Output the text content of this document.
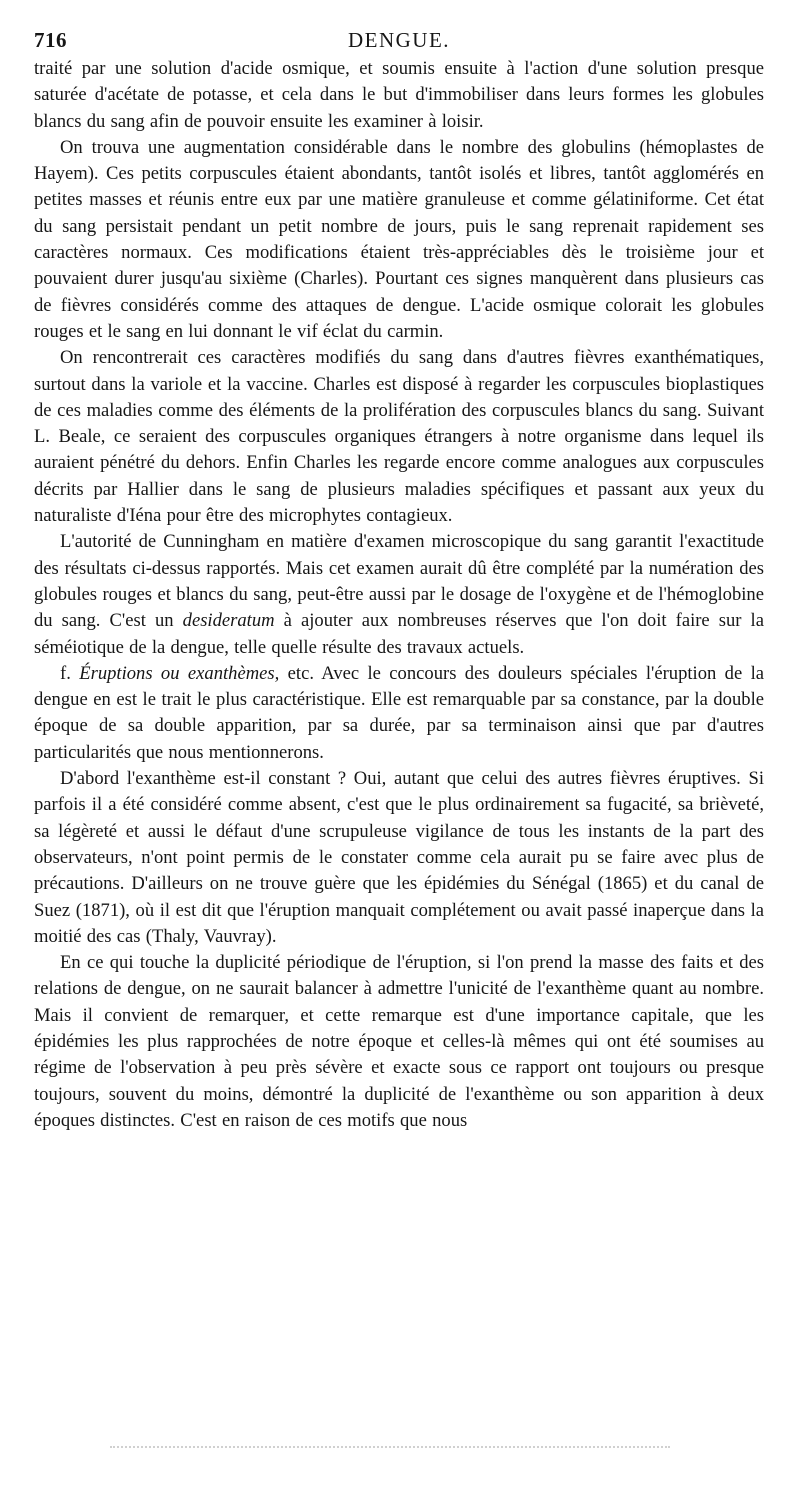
716	DENGUE.

traité par une solution d'acide osmique, et soumis ensuite à l'action d'une solution presque saturée d'acétate de potasse, et cela dans le but d'immobiliser dans leurs formes les globules blancs du sang afin de pouvoir ensuite les examiner à loisir.

On trouva une augmentation considérable dans le nombre des globulins (hémoplastes de Hayem). Ces petits corpuscules étaient abondants, tantôt isolés et libres, tantôt agglomérés en petites masses et réunis entre eux par une matière granuleuse et comme gélatiniforme. Cet état du sang persistait pendant un petit nombre de jours, puis le sang reprenait rapidement ses caractères normaux. Ces modifications étaient très-appréciables dès le troisième jour et pouvaient durer jusqu'au sixième (Charles). Pourtant ces signes manquèrent dans plusieurs cas de fièvres considérés comme des attaques de dengue. L'acide osmique colorait les globules rouges et le sang en lui donnant le vif éclat du carmin.

On rencontrerait ces caractères modifiés du sang dans d'autres fièvres exanthématiques, surtout dans la variole et la vaccine. Charles est disposé à regarder les corpuscules bioplastiques de ces maladies comme des éléments de la prolifération des corpuscules blancs du sang. Suivant L. Beale, ce seraient des corpuscules organiques étrangers à notre organisme dans lequel ils auraient pénétré du dehors. Enfin Charles les regarde encore comme analogues aux corpuscules décrits par Hallier dans le sang de plusieurs maladies spécifiques et passant aux yeux du naturaliste d'Iéna pour être des microphytes contagieux.

L'autorité de Cunningham en matière d'examen microscopique du sang garantit l'exactitude des résultats ci-dessus rapportés. Mais cet examen aurait dû être complété par la numération des globules rouges et blancs du sang, peut-être aussi par le dosage de l'oxygène et de l'hémoglobine du sang. C'est un desideratum à ajouter aux nombreuses réserves que l'on doit faire sur la séméiotique de la dengue, telle quelle résulte des travaux actuels.

f. Éruptions ou exanthèmes, etc. Avec le concours des douleurs spéciales l'éruption de la dengue en est le trait le plus caractéristique. Elle est remarquable par sa constance, par la double époque de sa double apparition, par sa durée, par sa terminaison ainsi que par d'autres particularités que nous mentionnerons.

D'abord l'exanthème est-il constant ? Oui, autant que celui des autres fièvres éruptives. Si parfois il a été considéré comme absent, c'est que le plus ordinairement sa fugacité, sa brièveté, sa légèreté et aussi le défaut d'une scrupuleuse vigilance de tous les instants de la part des observateurs, n'ont point permis de le constater comme cela aurait pu se faire avec plus de précautions. D'ailleurs on ne trouve guère que les épidémies du Sénégal (1865) et du canal de Suez (1871), où il est dit que l'éruption manquait complétement ou avait passé inaperçue dans la moitié des cas (Thaly, Vauvray).

En ce qui touche la duplicité périodique de l'éruption, si l'on prend la masse des faits et des relations de dengue, on ne saurait balancer à admettre l'unicité de l'exanthème quant au nombre. Mais il convient de remarquer, et cette remarque est d'une importance capitale, que les épidémies les plus rapprochées de notre époque et celles-là mêmes qui ont été soumises au régime de l'observation à peu près sévère et exacte sous ce rapport ont toujours ou presque toujours, souvent du moins, démontré la duplicité de l'exanthème ou son apparition à deux époques distinctes. C'est en raison de ces motifs que nous
